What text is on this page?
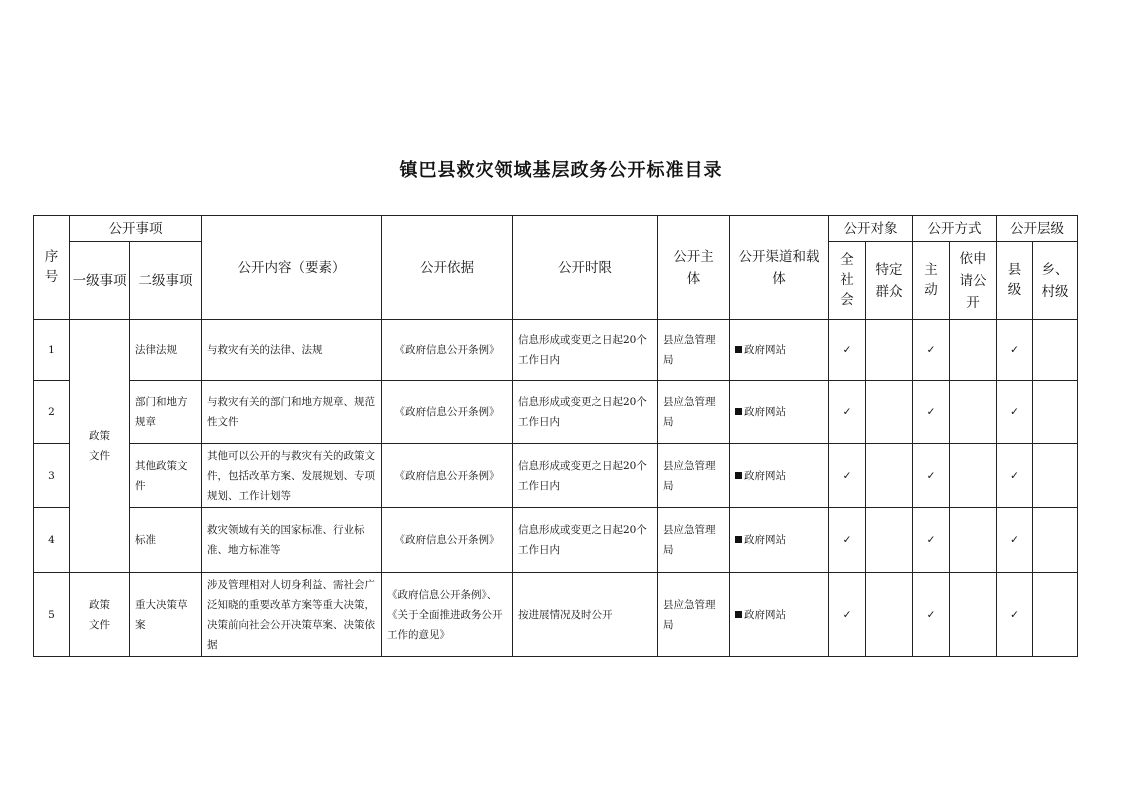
镇巴县救灾领域基层政务公开标准目录
序号	公开事项		公开内容（要素）	公开依据	公开时限	公开主体	公开渠道和载体	公开对象		公开方式		公开层级	

	一级事项	二级事项						全社会	特定群众	主动	依申请公开	县级	乡、村级

1	政策文件	法律法规	与救灾有关的法律、法规	《政府信息公开条例》	信息形成或变更之日起20个工作日内	县应急管理局	政府网站	✓		✓		✓	
2		部门和地方规章	与救灾有关的部门和地方规章、规范性文件	《政府信息公开条例》	信息形成或变更之日起20个工作日内	县应急管理局	政府网站	✓		✓		✓	
3		其他政策文件	其他可以公开的与救灾有关的政策文件，包括改革方案、发展规划、专项规划、工作计划等	《政府信息公开条例》	信息形成或变更之日起20个工作日内	县应急管理局	政府网站	✓		✓		✓	
4		标准	救灾领域有关的国家标准、行业标准、地方标准等	《政府信息公开条例》	信息形成或变更之日起20个工作日内	县应急管理局	政府网站	✓		✓		✓	
5	政策文件	重大决策草案	涉及管理相对人切身利益、需社会广泛知晓的重要改革方案等重大决策，决策前向社会公开决策草案、决策依据	《政府信息公开条例》、《关于全面推进政务公开工作的意见》	按进展情况及时公开	县应急管理局	政府网站	✓		✓		✓	
